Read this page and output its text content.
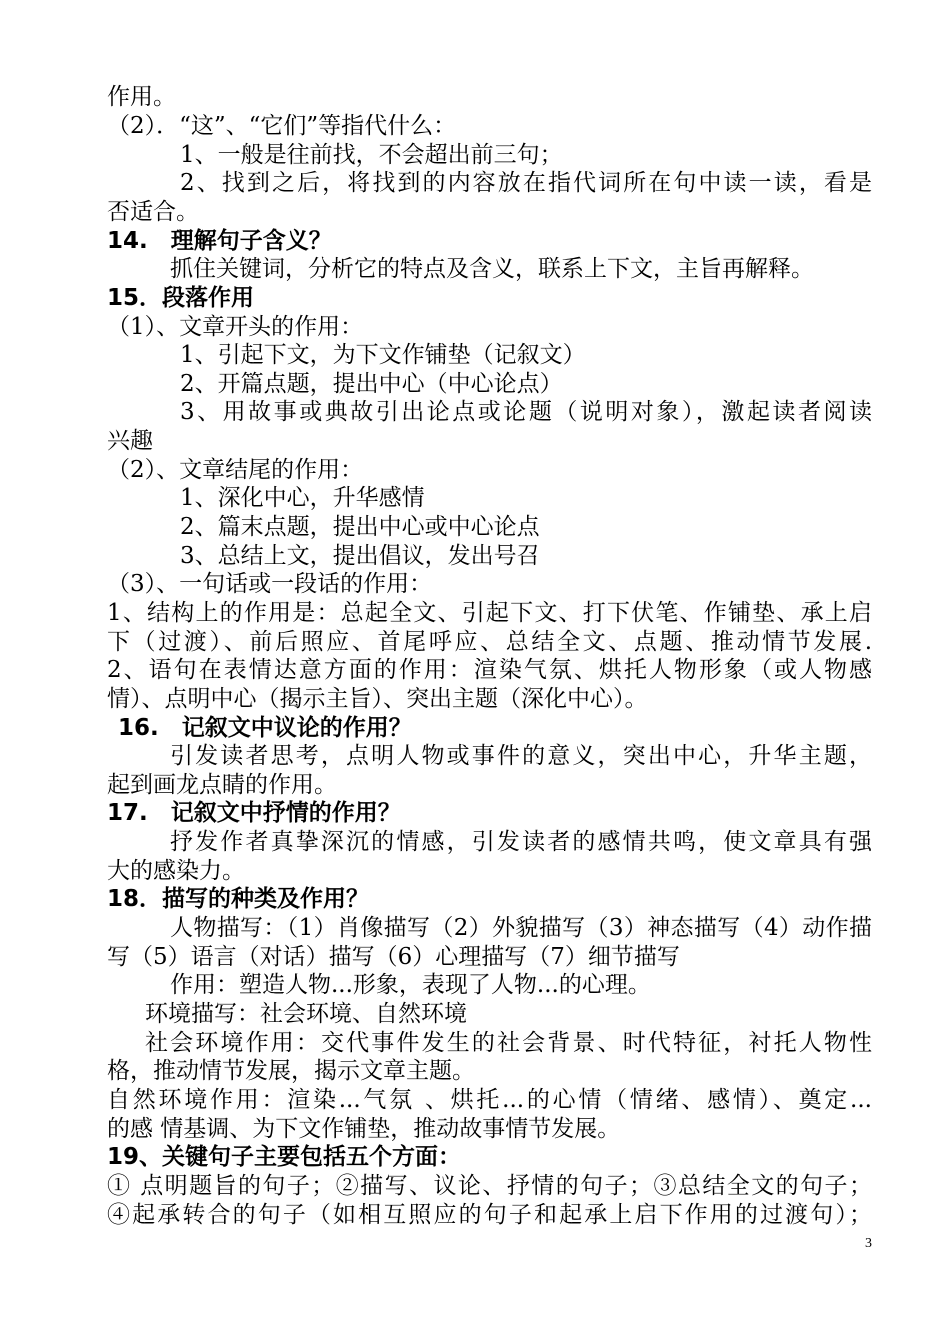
作用。
（2）．“这”、“它们”等指代什么：
1、一般是往前找，不会超出前三句；
2、找到之后，将找到的内容放在指代词所在句中读一读，看是
否适合。
14.　理解句子含义？
抓住关键词，分析它的特点及含义，联系上下文，主旨再解释。
15．段落作用
（1）、文章开头的作用：
1、引起下文，为下文作铺垫（记叙文）
2、开篇点题，提出中心（中心论点）
3、用故事或典故引出论点或论题（说明对象），激起读者阅读
兴趣
（2）、文章结尾的作用：
1、深化中心，升华感情
2、篇末点题，提出中心或中心论点
3、总结上文，提出倡议，发出号召
（3）、一句话或一段话的作用：
1、结构上的作用是：总起全文、引起下文、打下伏笔、作铺垫、承上启
下（过渡）、前后照应、首尾呼应、总结全文、点题、推动情节发展.
2、语句在表情达意方面的作用：渲染气氛、烘托人物形象（或人物感
情）、点明中心（揭示主旨）、突出主题（深化中心）。
16.　记叙文中议论的作用？
引发读者思考，点明人物或事件的意义，突出中心，升华主题，
起到画龙点睛的作用。
17.　记叙文中抒情的作用？
抒发作者真挚深沉的情感，引发读者的感情共鸣，使文章具有强
大的感染力。
18．描写的种类及作用？
人物描写：（1）肖像描写（2）外貌描写（3）神态描写（4）动作描
写（5）语言（对话）描写（6）心理描写（7）细节描写
作用：塑造人物...形象，表现了人物...的心理。
环境描写：社会环境、自然环境
社会环境作用：交代事件发生的社会背景、时代特征，衬托人物性
格，推动情节发展，揭示文章主题。
自然环境作用：渲染...气氛 、烘托...的心情（情绪、感情）、奠定...
的感 情基调、为下文作铺垫，推动故事情节发展。
19、关键句子主要包括五个方面：
① 点明题旨的句子；②描写、议论、抒情的句子；③总结全文的句子；
④起承转合的句子（如相互照应的句子和起承上启下作用的过渡句）；
3
